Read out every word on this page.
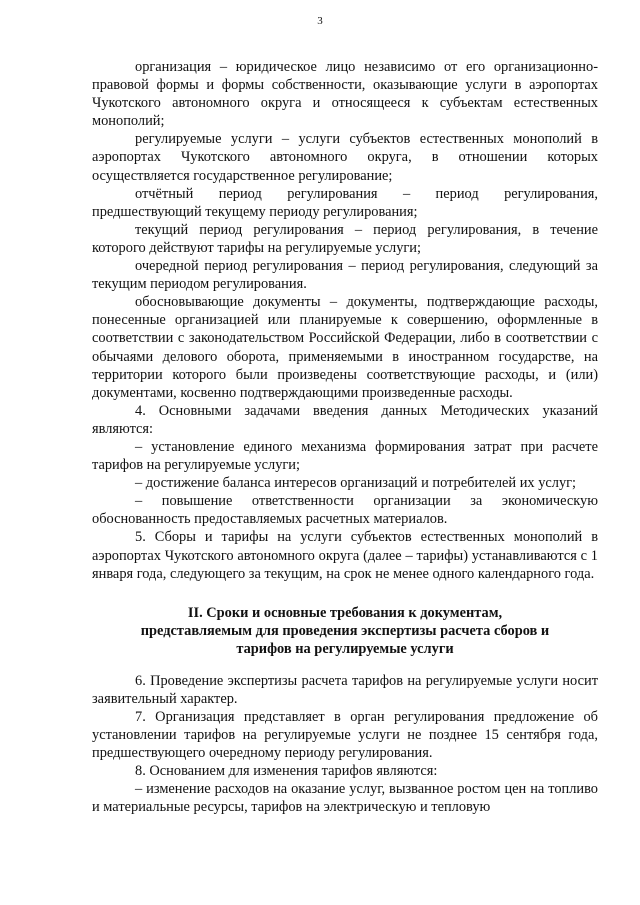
3

организация – юридическое лицо независимо от его организационно-правовой формы и формы собственности, оказывающие услуги в аэропортах Чукотского автономного округа и относящееся к субъектам естественных монополий;

регулируемые услуги – услуги субъектов естественных монополий в аэропортах Чукотского автономного округа, в отношении которых осуществляется государственное регулирование;

отчётный период регулирования – период регулирования, предшествующий текущему периоду регулирования;

текущий период регулирования – период регулирования, в течение которого действуют тарифы на регулируемые услуги;

очередной период регулирования – период регулирования, следующий за текущим периодом регулирования.

обосновывающие документы – документы, подтверждающие расходы, понесенные организацией или планируемые к совершению, оформленные в соответствии с законодательством Российской Федерации, либо в соответствии с обычаями делового оборота, применяемыми в иностранном государстве, на территории которого были произведены соответствующие расходы, и (или) документами, косвенно подтверждающими произведенные расходы.

4. Основными задачами введения данных Методических указаний являются:

– установление единого механизма формирования затрат при расчете тарифов на регулируемые услуги;

– достижение баланса интересов организаций и потребителей их услуг;

– повышение ответственности организации за экономическую обоснованность предоставляемых расчетных материалов.

5. Сборы и тарифы на услуги субъектов естественных монополий в аэропортах Чукотского автономного округа (далее – тарифы) устанавливаются с 1 января года, следующего за текущим, на срок не менее одного календарного года.

II. Сроки и основные требования к документам,
представляемым для проведения экспертизы расчета сборов и
тарифов на регулируемые услуги

6. Проведение экспертизы расчета тарифов на регулируемые услуги носит заявительный характер.

7. Организация представляет в орган регулирования предложение об установлении тарифов на регулируемые услуги не позднее 15 сентября года, предшествующего очередному периоду регулирования.

8. Основанием для изменения тарифов являются:

– изменение расходов на оказание услуг, вызванное ростом цен на топливо и материальные ресурсы, тарифов на электрическую и тепловую
